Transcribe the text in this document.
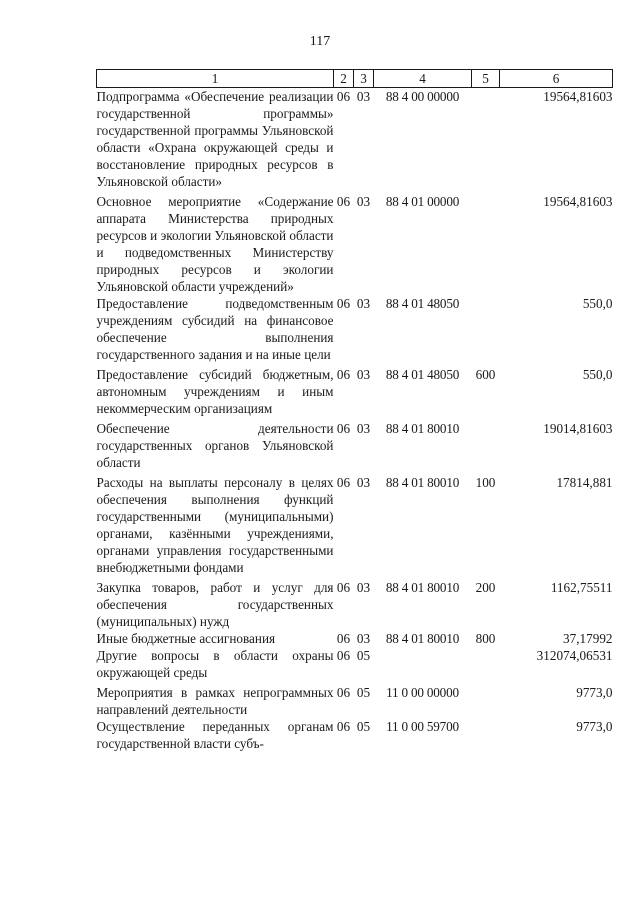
117
1	2	3	4	5	6
Подпрограмма «Обеспечение реализации государственной программы» государственной программы Ульяновской области «Охрана окружающей среды и восстановление природных ресурсов в Ульяновской области»	06	03	88 4 00 00000		19564,81603
Основное мероприятие «Содержание аппарата Министерства природных ресурсов и экологии Ульяновской области и подведомственных Министерству природных ресурсов и экологии Ульяновской области учреждений»	06	03	88 4 01 00000		19564,81603
Предоставление подведомственным учреждениям субсидий на финансовое обеспечение выполнения государственного задания и на иные цели	06	03	88 4 01 48050		550,0
Предоставление субсидий бюджетным, автономным учреждениям и иным некоммерческим организациям	06	03	88 4 01 48050	600	550,0
Обеспечение деятельности государственных органов Ульяновской области	06	03	88 4 01 80010		19014,81603
Расходы на выплаты персоналу в целях обеспечения выполнения функций государственными (муниципальными) органами, казёнными учреждениями, органами управления государственными внебюджетными фондами	06	03	88 4 01 80010	100	17814,881
Закупка товаров, работ и услуг для обеспечения государственных (муниципальных) нужд	06	03	88 4 01 80010	200	1162,75511
Иные бюджетные ассигнования	06	03	88 4 01 80010	800	37,17992
Другие вопросы в области охраны окружающей среды	06	05			312074,06531
Мероприятия в рамках непрограммных направлений деятельности	06	05	11 0 00 00000		9773,0
Осуществление переданных органам государственной власти субъ-	06	05	11 0 00 59700		9773,0
